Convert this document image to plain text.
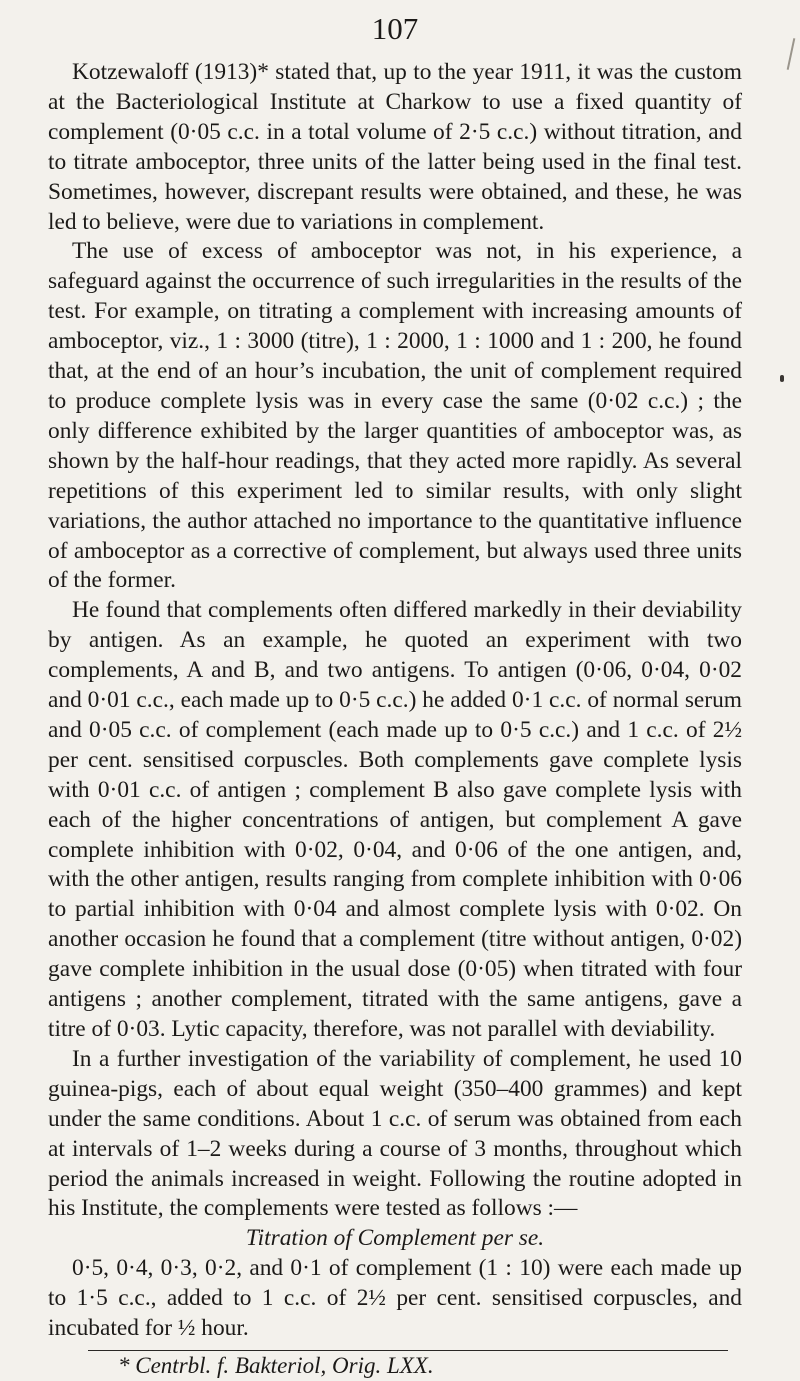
107

Kotzewaloff (1913)* stated that, up to the year 1911, it was the custom at the Bacteriological Institute at Charkow to use a fixed quantity of complement (0·05 c.c. in a total volume of 2·5 c.c.) without titration, and to titrate amboceptor, three units of the latter being used in the final test. Sometimes, however, discrepant results were obtained, and these, he was led to believe, were due to variations in complement.

The use of excess of amboceptor was not, in his experience, a safeguard against the occurrence of such irregularities in the results of the test. For example, on titrating a complement with increasing amounts of amboceptor, viz., 1 : 3000 (titre), 1 : 2000, 1 : 1000 and 1 : 200, he found that, at the end of an hour’s incubation, the unit of complement required to produce complete lysis was in every case the same (0·02 c.c.) ; the only difference exhibited by the larger quantities of amboceptor was, as shown by the half-hour readings, that they acted more rapidly. As several repetitions of this experiment led to similar results, with only slight variations, the author attached no importance to the quantitative influence of amboceptor as a corrective of complement, but always used three units of the former.

He found that complements often differed markedly in their deviability by antigen. As an example, he quoted an experiment with two complements, A and B, and two antigens. To antigen (0·06, 0·04, 0·02 and 0·01 c.c., each made up to 0·5 c.c.) he added 0·1 c.c. of normal serum and 0·05 c.c. of complement (each made up to 0·5 c.c.) and 1 c.c. of 2½ per cent. sensitised corpuscles. Both complements gave complete lysis with 0·01 c.c. of antigen ; complement B also gave complete lysis with each of the higher concentrations of antigen, but complement A gave complete inhibition with 0·02, 0·04, and 0·06 of the one antigen, and, with the other antigen, results ranging from complete inhibition with 0·06 to partial inhibition with 0·04 and almost complete lysis with 0·02. On another occasion he found that a complement (titre without antigen, 0·02) gave complete inhibition in the usual dose (0·05) when titrated with four antigens ; another complement, titrated with the same antigens, gave a titre of 0·03. Lytic capacity, therefore, was not parallel with deviability.

In a further investigation of the variability of complement, he used 10 guinea-pigs, each of about equal weight (350–400 grammes) and kept under the same conditions. About 1 c.c. of serum was obtained from each at intervals of 1–2 weeks during a course of 3 months, throughout which period the animals increased in weight. Following the routine adopted in his Institute, the complements were tested as follows :—

Titration of Complement per se.

0·5, 0·4, 0·3, 0·2, and 0·1 of complement (1 : 10) were each made up to 1·5 c.c., added to 1 c.c. of 2½ per cent. sensitised corpuscles, and incubated for ½ hour.

* Centrbl. f. Bakteriol, Orig. LXX.
